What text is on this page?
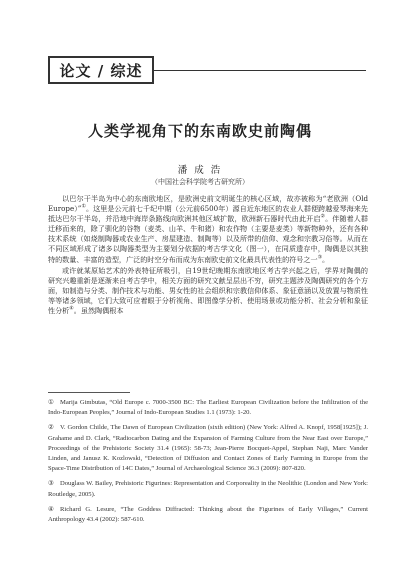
论文 / 综述
人类学视角下的东南欧史前陶偶
潘 成 浩
（中国社会科学院考古研究所）

以巴尔干半岛为中心的东南欧地区，是欧洲史前文明诞生的核心区域，故亦被称为“老欧洲（Old Europe）”①。这里是公元前七千纪中期（公元前6500年）源自近东地区的农业人群便跨越爱琴海来先抵达巴尔干半岛，并沿地中海岸条路线向欧洲其他区域扩散，欧洲新石器时代由此开启②。伴随着人群迁移而来的，除了驯化的谷物（麦类、山羊、牛和猪）和农作物（主要是麦类）等新物种外，还有各种技术系统（如烧制陶器或农业生产、房屋建造、制陶等）以及所带的信仰、观念和宗教习俗等。从而在不同区域形成了诸多以陶器类型为主要划分依据的考古学文化（图一），在同质遗存中，陶偶是以其独特的数量、丰富的造型，广泛的时空分布而成为东南欧史前文化最具代表性的符号之一③。

或许就某原始艺术的外表特征所吸引，自19世纪晚期东南欧地区考古学兴起之后，学界对陶偶的研究兴趣重新是逐渐来自考古学中，相关方面的研究文献呈层出不穷，研究主题涉及陶偶研究的各个方面，如制造与分类、制作技术与功能、男女性的社会组织和宗教信仰体系、象征意涵以及放置与物质性等等诸多领域，它们大致可应着眼于分析视角、即图像学分析、使用场景或功能分析、社会分析和象征性分析④。虽然陶偶根本

① Marija Gimbutas, “Old Europe c. 7000-3500 BC: The Earliest European Civilization before the Infiltration of the Indo-European Peoples,” Journal of Indo-European Studies 1.1 (1973): 1-20.
② V. Gordon Childe, The Dawn of European Civilization (sixth edition) (New York: Alfred A. Knopf, 1958[1925]); J. Grahame and D. Clark, “Radiocarbon Dating and the Expansion of Farming Culture from the Near East over Europe,” Proceedings of the Prehistoric Society 31.4 (1965): 58-73; Jean-Pierre Bocquet-Appel, Stephan Naji, Marc Vander Linden, and Janusz K. Kozlowski, “Detection of Diffusion and Contact Zones of Early Farming in Europe from the Space-Time Distribution of 14C Dates,” Journal of Archaeological Science 36.3 (2009): 807-820.
③ Douglass W. Bailey, Prehistoric Figurines: Representation and Corporeality in the Neolithic (London and New York: Routledge, 2005).
④ Richard G. Lesure, “The Goddess Diffracted: Thinking about the Figurines of Early Villages,” Current Anthropology 43.4 (2002): 587-610.
